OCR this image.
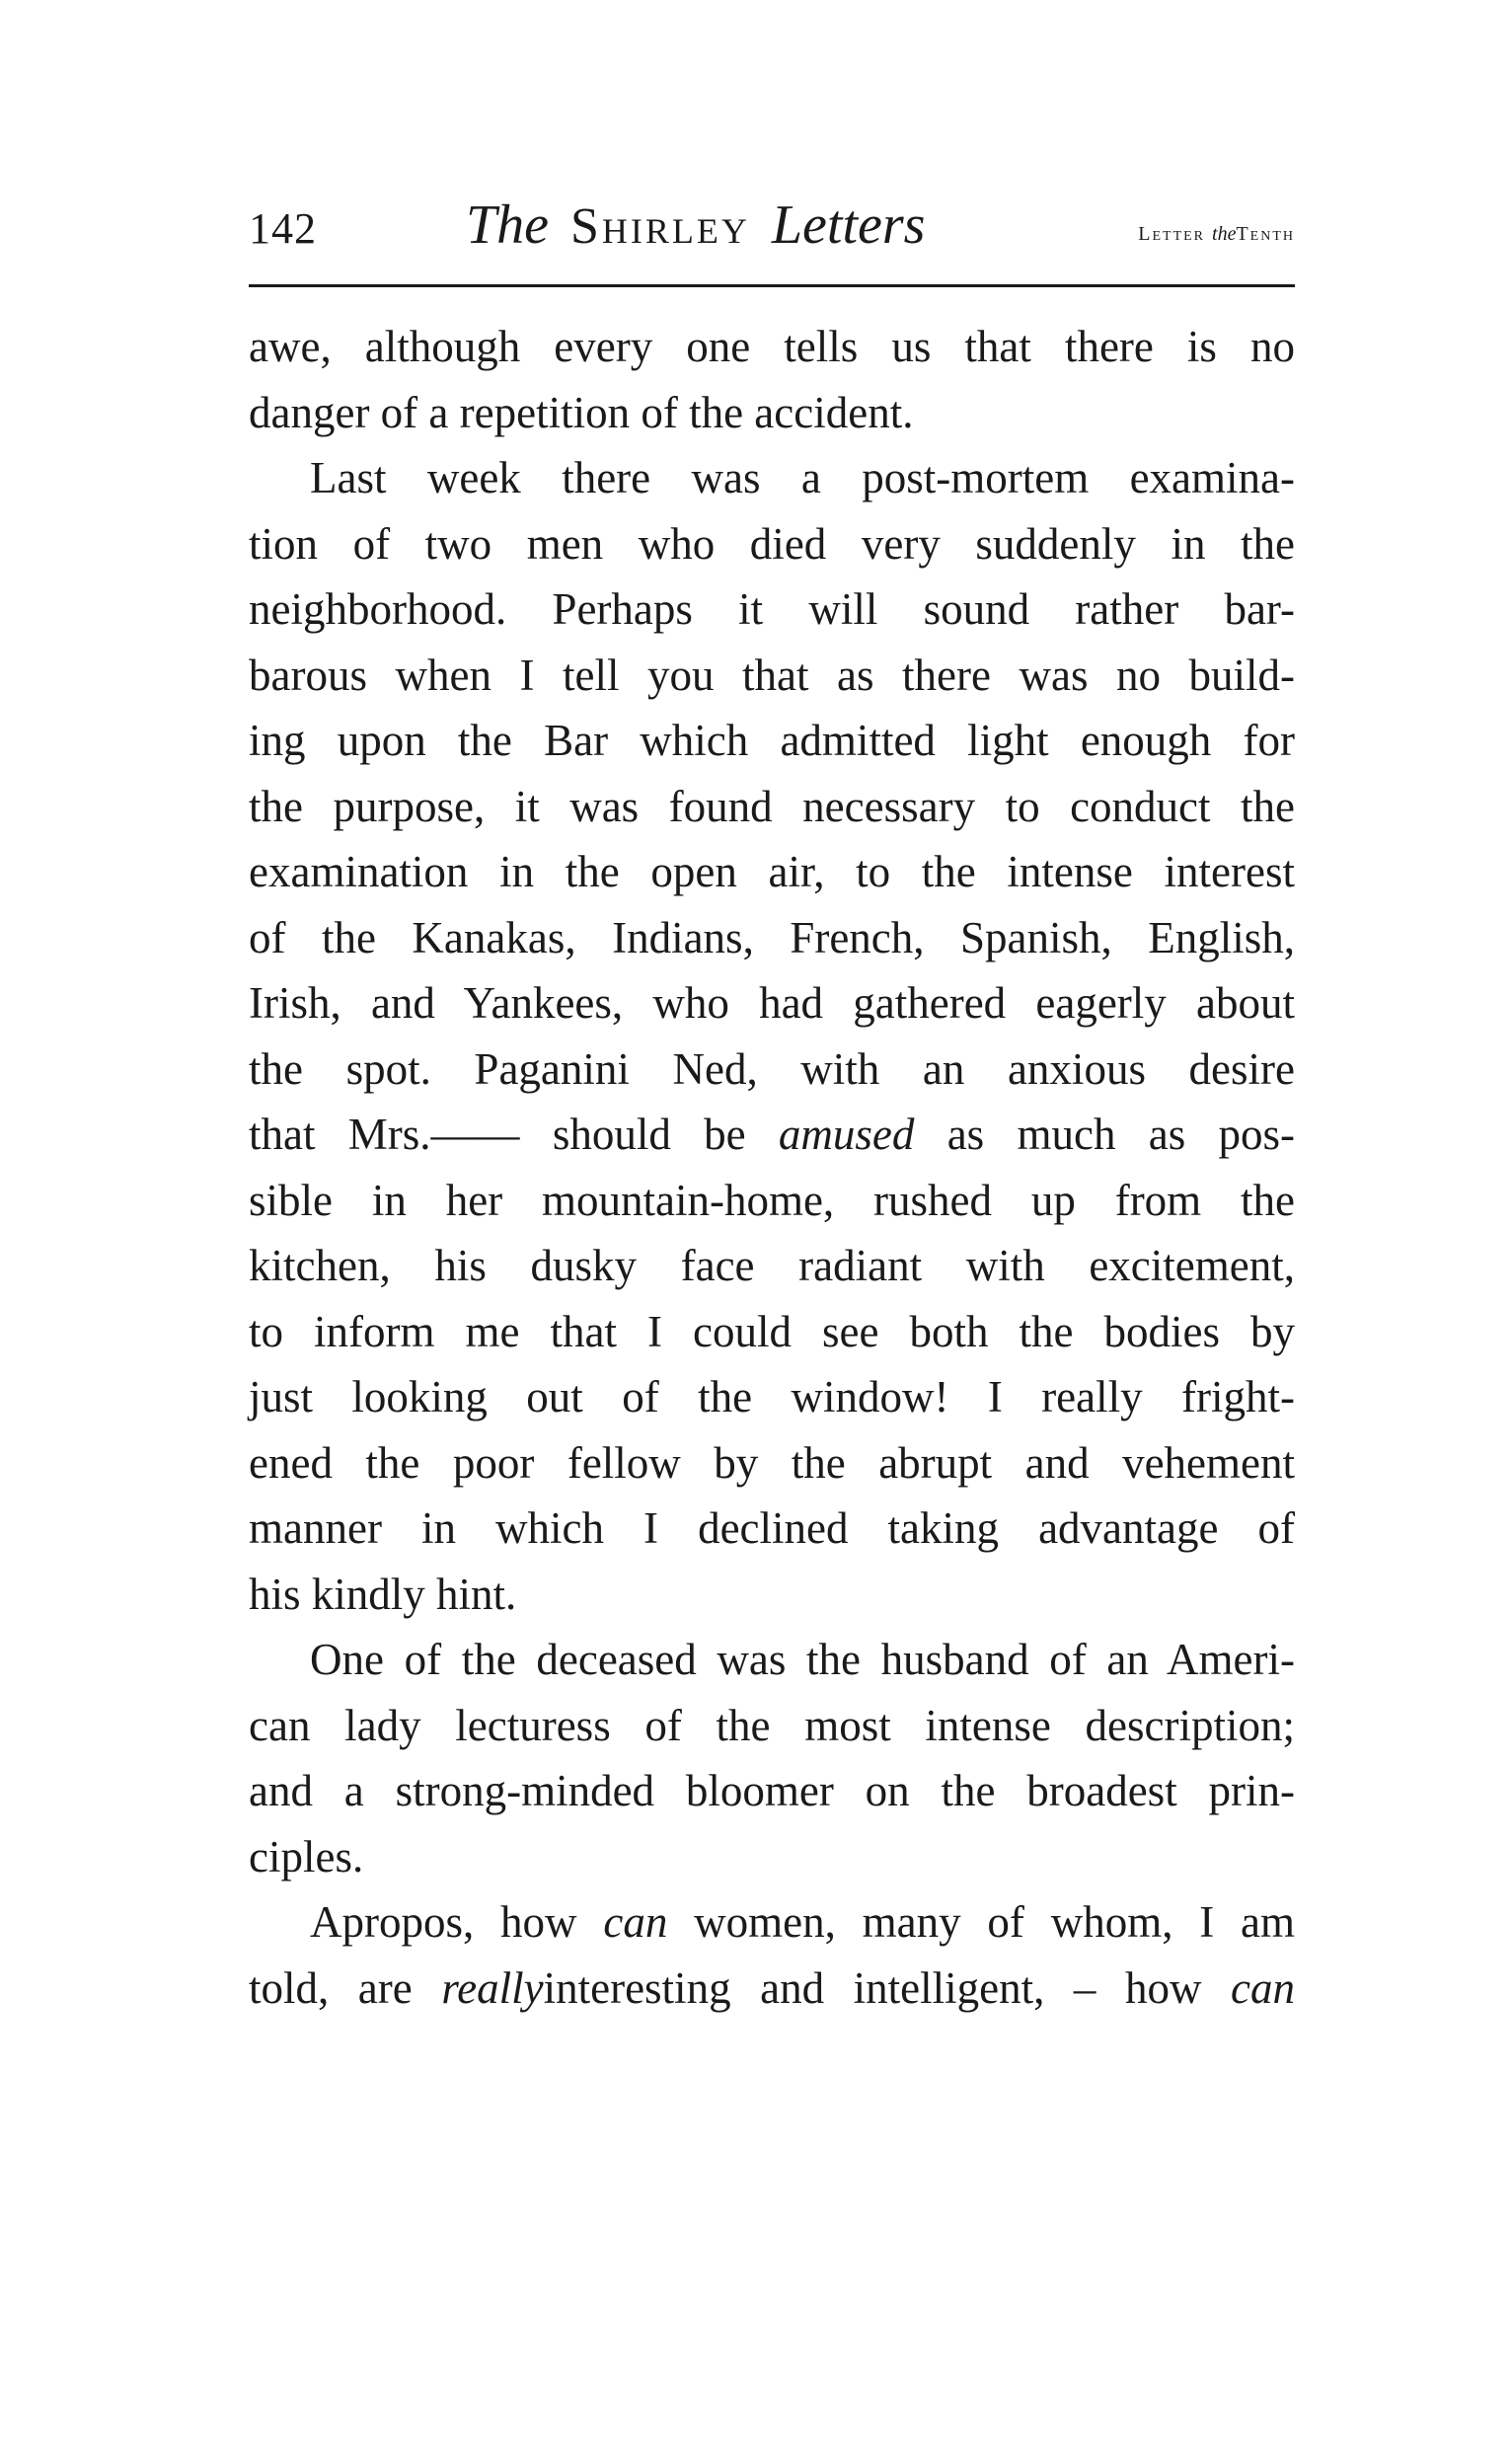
142	The Shirley Letters	Letter theTenth
awe, although every one tells us that there is no
danger of a repetition of the accident.
Last week there was a post-mortem examina-
tion of two men who died very suddenly in the
neighborhood. Perhaps it will sound rather bar-
barous when I tell you that as there was no build-
ing upon the Bar which admitted light enough for
the purpose, it was found necessary to conduct the
examination in the open air, to the intense interest
of the Kanakas, Indians, French, Spanish, English,
Irish, and Yankees, who had gathered eagerly about
the spot. Paganini Ned, with an anxious desire
that Mrs.—— should be amused as much as pos-
sible in her mountain-home, rushed up from the
kitchen, his dusky face radiant with excitement,
to inform me that I could see both the bodies by
just looking out of the window! I really fright-
ened the poor fellow by the abrupt and vehement
manner in which I declined taking advantage of
his kindly hint.
One of the deceased was the husband of an Ameri-
can lady lecturess of the most intense description;
and a strong-minded bloomer on the broadest prin-
ciples.
Apropos, how can women, many of whom, I am
told, are reallyinteresting and intelligent, – how can
